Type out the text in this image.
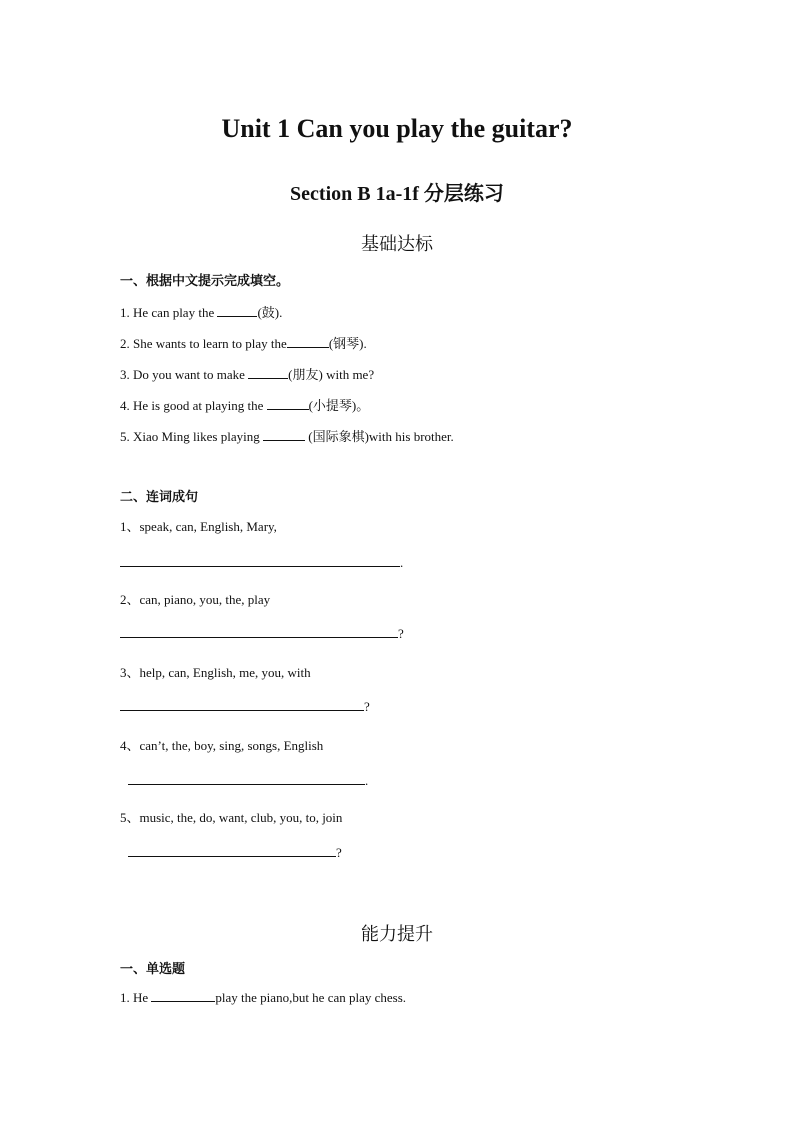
Unit 1 Can you play the guitar?
Section B 1a-1f 分层练习
基础达标
一、根据中文提示完成填空。
1. He can play the	(鼓).
2. She wants to learn to play the	(钢琴).
3. Do you want to make	(朋友) with me?
4. He is good at playing the	(小提琴)。
5. Xiao Ming likes playing	(国际象棋)with his brother.
二、连词成句
1、speak, can, English, Mary,
.
2、can, piano, you, the, play
?
3、help, can, English, me, you, with
?
4、can’t, the, boy, sing, songs, English
.
5、music, the, do, want, club, you, to, join
?
能力提升
一、单选题
1. He	play the piano,but he can play chess.
